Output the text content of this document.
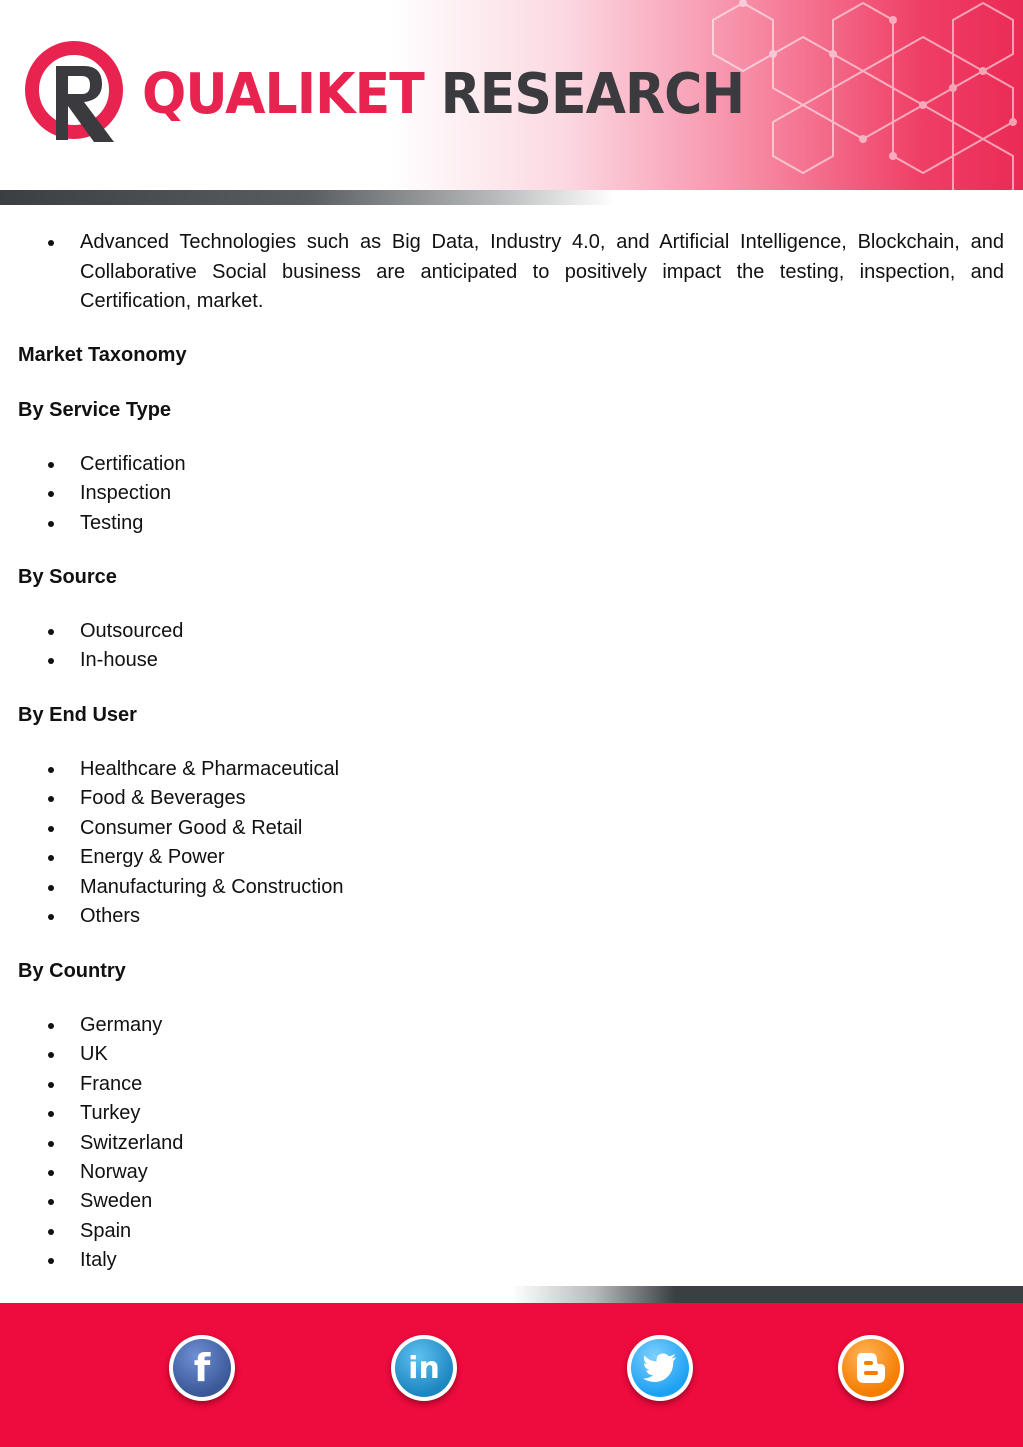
QUALIKET RESEARCH
Advanced Technologies such as Big Data, Industry 4.0, and Artificial Intelligence, Blockchain, and Collaborative Social business are anticipated to positively impact the testing, inspection, and Certification, market.
Market Taxonomy
By Service Type
Certification
Inspection
Testing
By Source
Outsourced
In-house
By End User
Healthcare & Pharmaceutical
Food & Beverages
Consumer Good & Retail
Energy & Power
Manufacturing & Construction
Others
By Country
Germany
UK
France
Turkey
Switzerland
Norway
Sweden
Spain
Italy
f	in
